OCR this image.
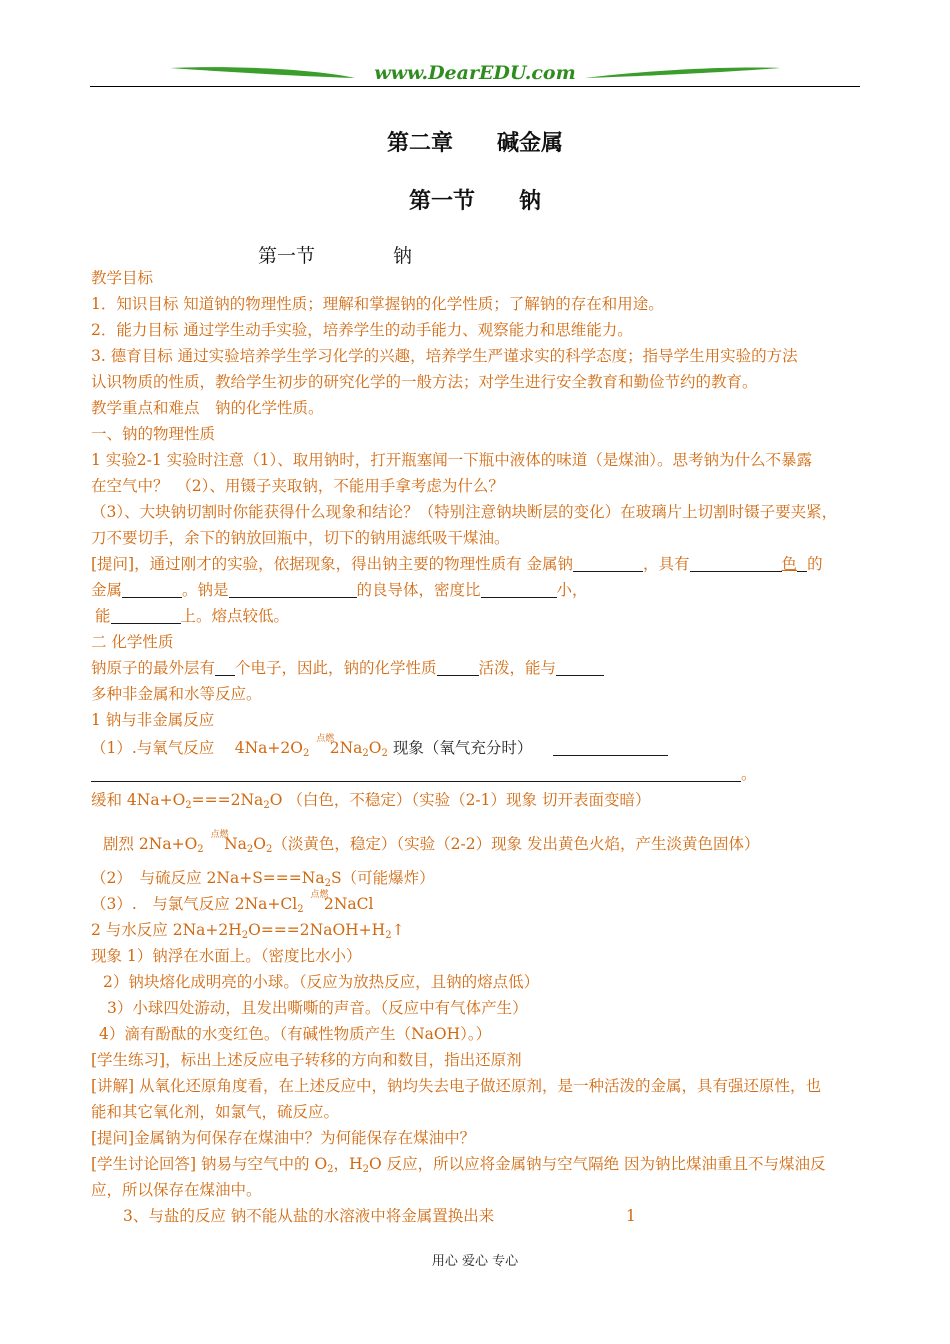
www.DearEDU.com
第二章　　碱金属
第一节　　钠
第一节	钠
教学目标
1．知识目标 知道钠的物理性质；理解和掌握钠的化学性质；了解钠的存在和用途。
2．能力目标 通过学生动手实验，培养学生的动手能力、观察能力和思维能力。
3. 德育目标 通过实验培养学生学习化学的兴趣，培养学生严谨求实的科学态度；指导学生用实验的方法
认识物质的性质，教给学生初步的研究化学的一般方法；对学生进行安全教育和勤俭节约的教育。
教学重点和难点　钠的化学性质。
一、钠的物理性质
1 实验2-1 实验时注意（1）、取用钠时，打开瓶塞闻一下瓶中液体的味道（是煤油）。思考钠为什么不暴露
在空气中？　（2）、用镊子夹取钠，不能用手拿考虑为什么？
（3）、大块钠切割时你能获得什么现象和结论？（特别注意钠块断层的变化）在玻璃片上切割时镊子要夹紧，
刀不要切手，余下的钠放回瓶中，切下的钠用滤纸吸干煤油。
[提问]，通过刚才的实验，依据现象，得出钠主要的物理性质有 金属钠	，具有	色 的
金属	。钠是	的良导体，密度比	小，
能	上。熔点较低。
二 化学性质
钠原子的最外层有 个电子，因此，钠的化学性质	活泼，能与
多种非金属和水等反应。
1 钠与非金属反应
（1）.与氧气反应　 $4Na+2O_2$
点燃
 $2Na_2O_2$ 现象（氧气充分时）
。
缓和 $4Na+O_2===2Na_2O$ （白色，不稳定）（实验（2-1）现象 切开表面变暗）
剧烈 $2Na+O_2$
点燃
 $Na_2O_2$（淡黄色，稳定）（实验（2-2）现象 发出黄色火焰，产生淡黄色固体）
（2）　与硫反应 $2Na+S===Na_2S$（可能爆炸）
（3）.　与氯气反应 $2Na+Cl_2$
点燃
 2NaCl
2 与水反应 $2Na+2H_2O===2NaOH+H_2↑$
现象 1）钠浮在水面上。（密度比水小）
2）钠块熔化成明亮的小球。（反应为放热反应，且钠的熔点低）
3）小球四处游动，且发出嘶嘶的声音。（反应中有气体产生）
4）滴有酚酞的水变红色。（有碱性物质产生（NaOH）。）
[学生练习]，标出上述反应电子转移的方向和数目，指出还原剂
[讲解] 从氧化还原角度看，在上述反应中，钠均失去电子做还原剂，是一种活泼的金属，具有强还原性，也
能和其它氧化剂，如氯气，硫反应。
[提问]金属钠为何保存在煤油中？为何能保存在煤油中？
[学生讨论回答] 钠易与空气中的 $O_2$，$H_2O$ 反应，所以应将金属钠与空气隔绝 因为钠比煤油重且不与煤油反
应，所以保存在煤油中。
3、与盐的反应 钠不能从盐的水溶液中将金属置换出来	1
用心 爱心 专心
